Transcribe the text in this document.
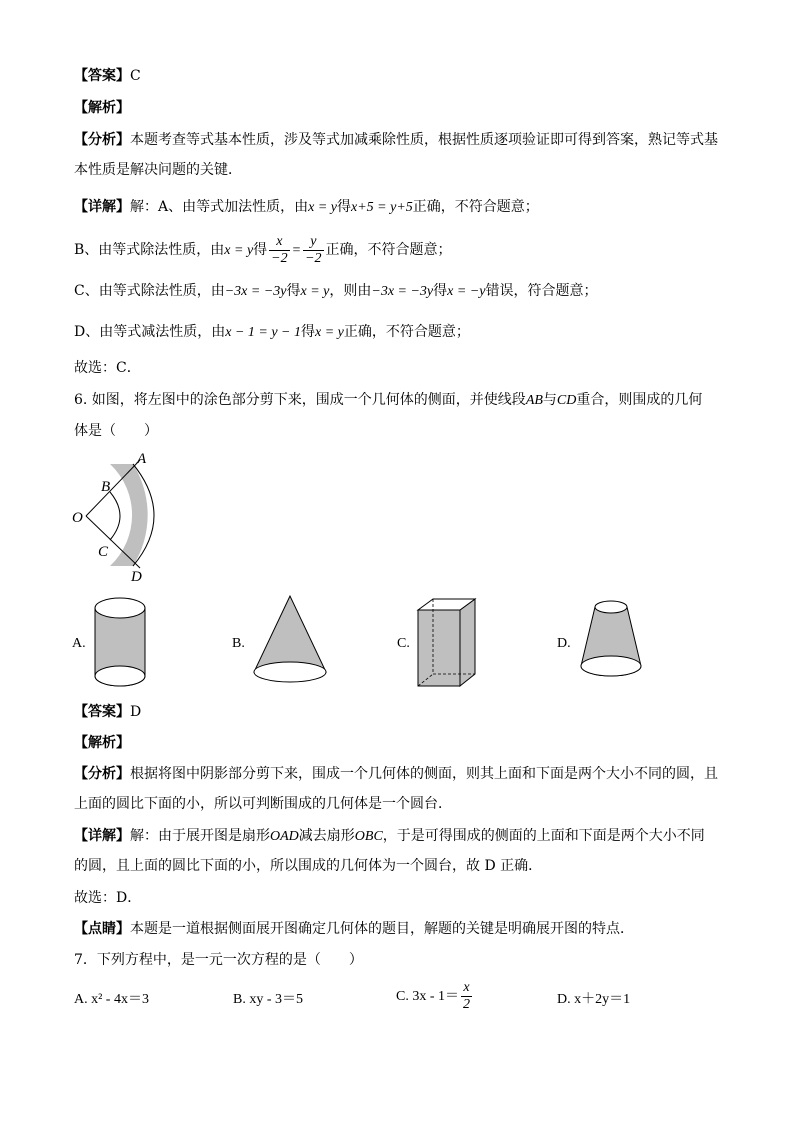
【答案】C
【解析】
【分析】本题考查等式基本性质，涉及等式加减乘除性质，根据性质逐项验证即可得到答案，熟记等式基
本性质是解决问题的关键．
【详解】解：A、由等式加法性质，由x = y得x+5 = y+5正确，不符合题意；
B、由等式除法性质，由x = y得 $\frac{x}{-2} = \frac{y}{-2}$ 正确，不符合题意；
C、由等式除法性质，由−3x = −3y得x = y，则由−3x = −3y得x = −y错误，符合题意；
D、由等式减法性质，由x − 1 = y − 1得x = y正确，不符合题意；
故选：C．
6. 如图，将左图中的涂色部分剪下来，围成一个几何体的侧面，并使线段AB与CD重合，则围成的几何
体是（　　）
A
B
O
C
D
A.	B.	C.	D.
【答案】D
【解析】
【分析】根据将图中阴影部分剪下来，围成一个几何体的侧面，则其上面和下面是两个大小不同的圆，且
上面的圆比下面的小，所以可判断围成的几何体是一个圆台．
【详解】解：由于展开图是扇形OAD减去扇形OBC，于是可得围成的侧面的上面和下面是两个大小不同
的圆，且上面的圆比下面的小，所以围成的几何体为一个圆台，故 D 正确．
故选：D．
【点睛】本题是一道根据侧面展开图确定几何体的题目，解题的关键是明确展开图的特点．
7．下列方程中，是一元一次方程的是（　　）
A. x² - 4x＝3	B. xy - 3＝5	C. $3x - 1= \frac{x}{2}$	D. x＋2y＝1
